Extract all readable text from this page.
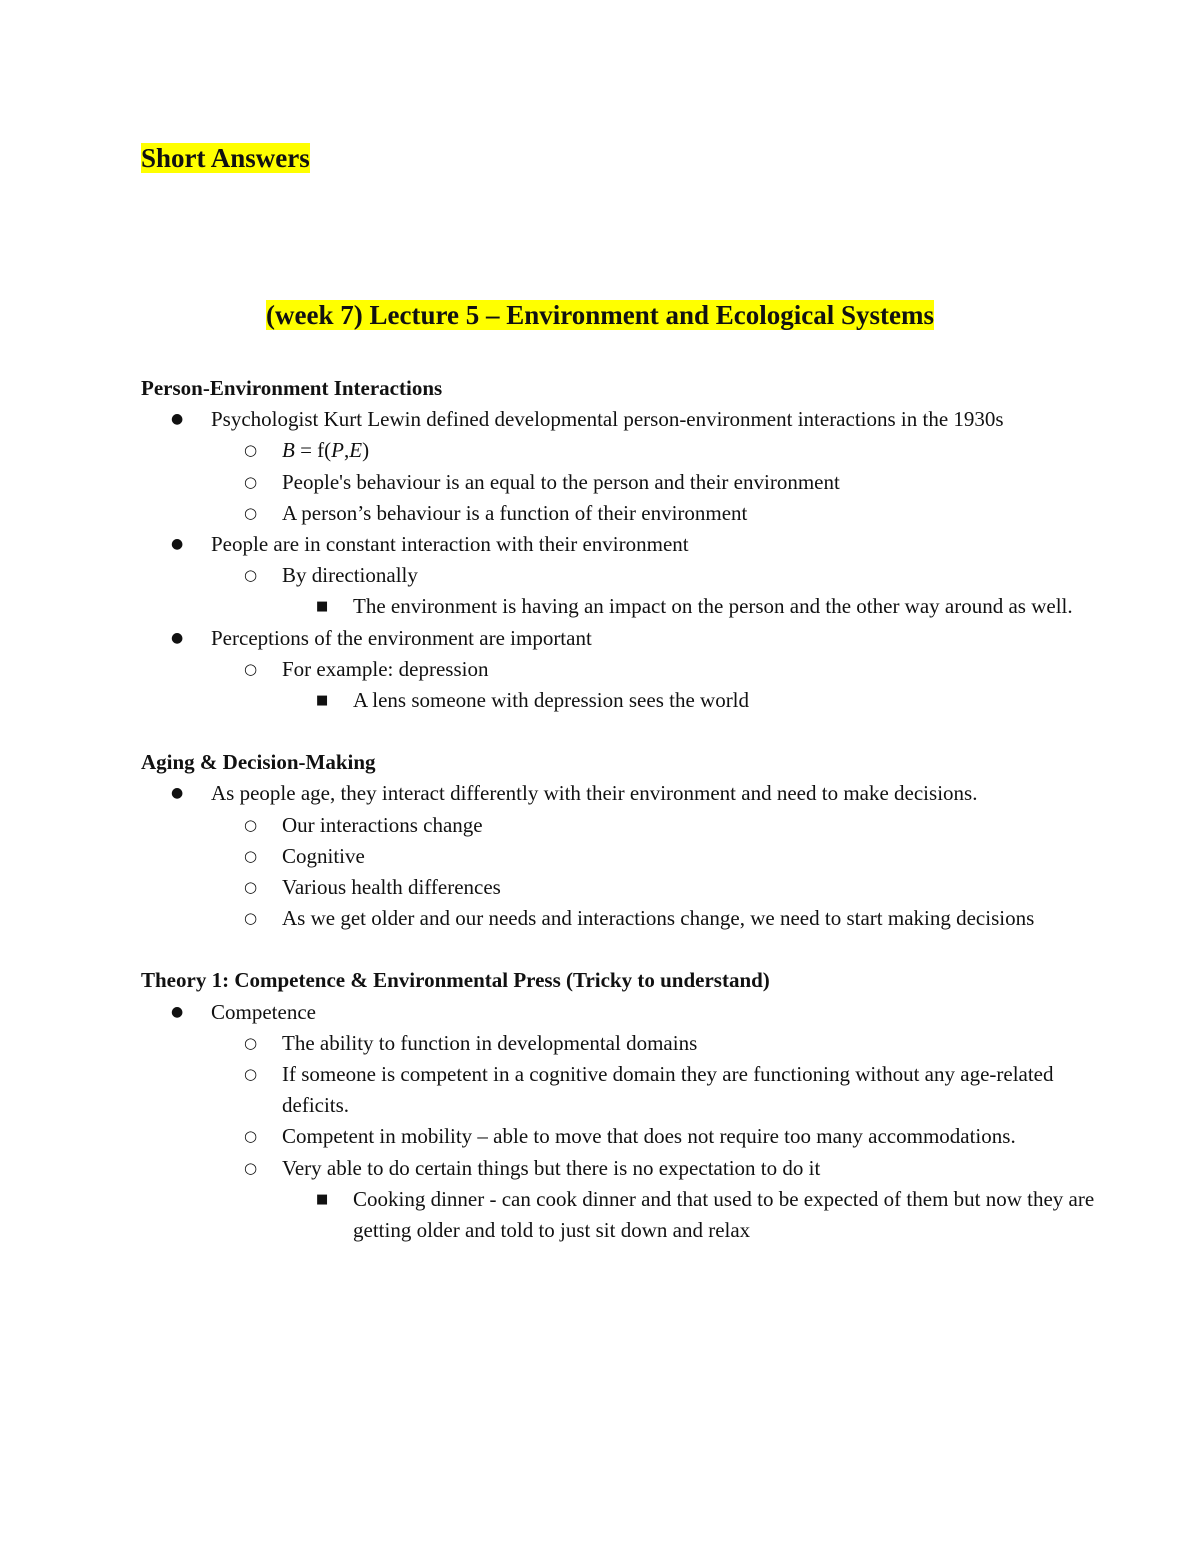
Short Answers
(week 7) Lecture 5 – Environment and Ecological Systems
Person-Environment Interactions
● Psychologist Kurt Lewin defined developmental person-environment interactions in the 1930s
○ B = f(P,E)
○ People's behaviour is an equal to the person and their environment
○ A person’s behaviour is a function of their environment
● People are in constant interaction with their environment
○ By directionally
■ The environment is having an impact on the person and the other way around as well.
● Perceptions of the environment are important
○ For example: depression
■ A lens someone with depression sees the world
Aging & Decision-Making
● As people age, they interact differently with their environment and need to make decisions.
○ Our interactions change
○ Cognitive
○ Various health differences
○ As we get older and our needs and interactions change, we need to start making decisions
Theory 1: Competence & Environmental Press (Tricky to understand)
● Competence
○ The ability to function in developmental domains
○ If someone is competent in a cognitive domain they are functioning without any age-related deficits.
○ Competent in mobility – able to move that does not require too many accommodations.
○ Very able to do certain things but there is no expectation to do it
■ Cooking dinner - can cook dinner and that used to be expected of them but now they are getting older and told to just sit down and relax
